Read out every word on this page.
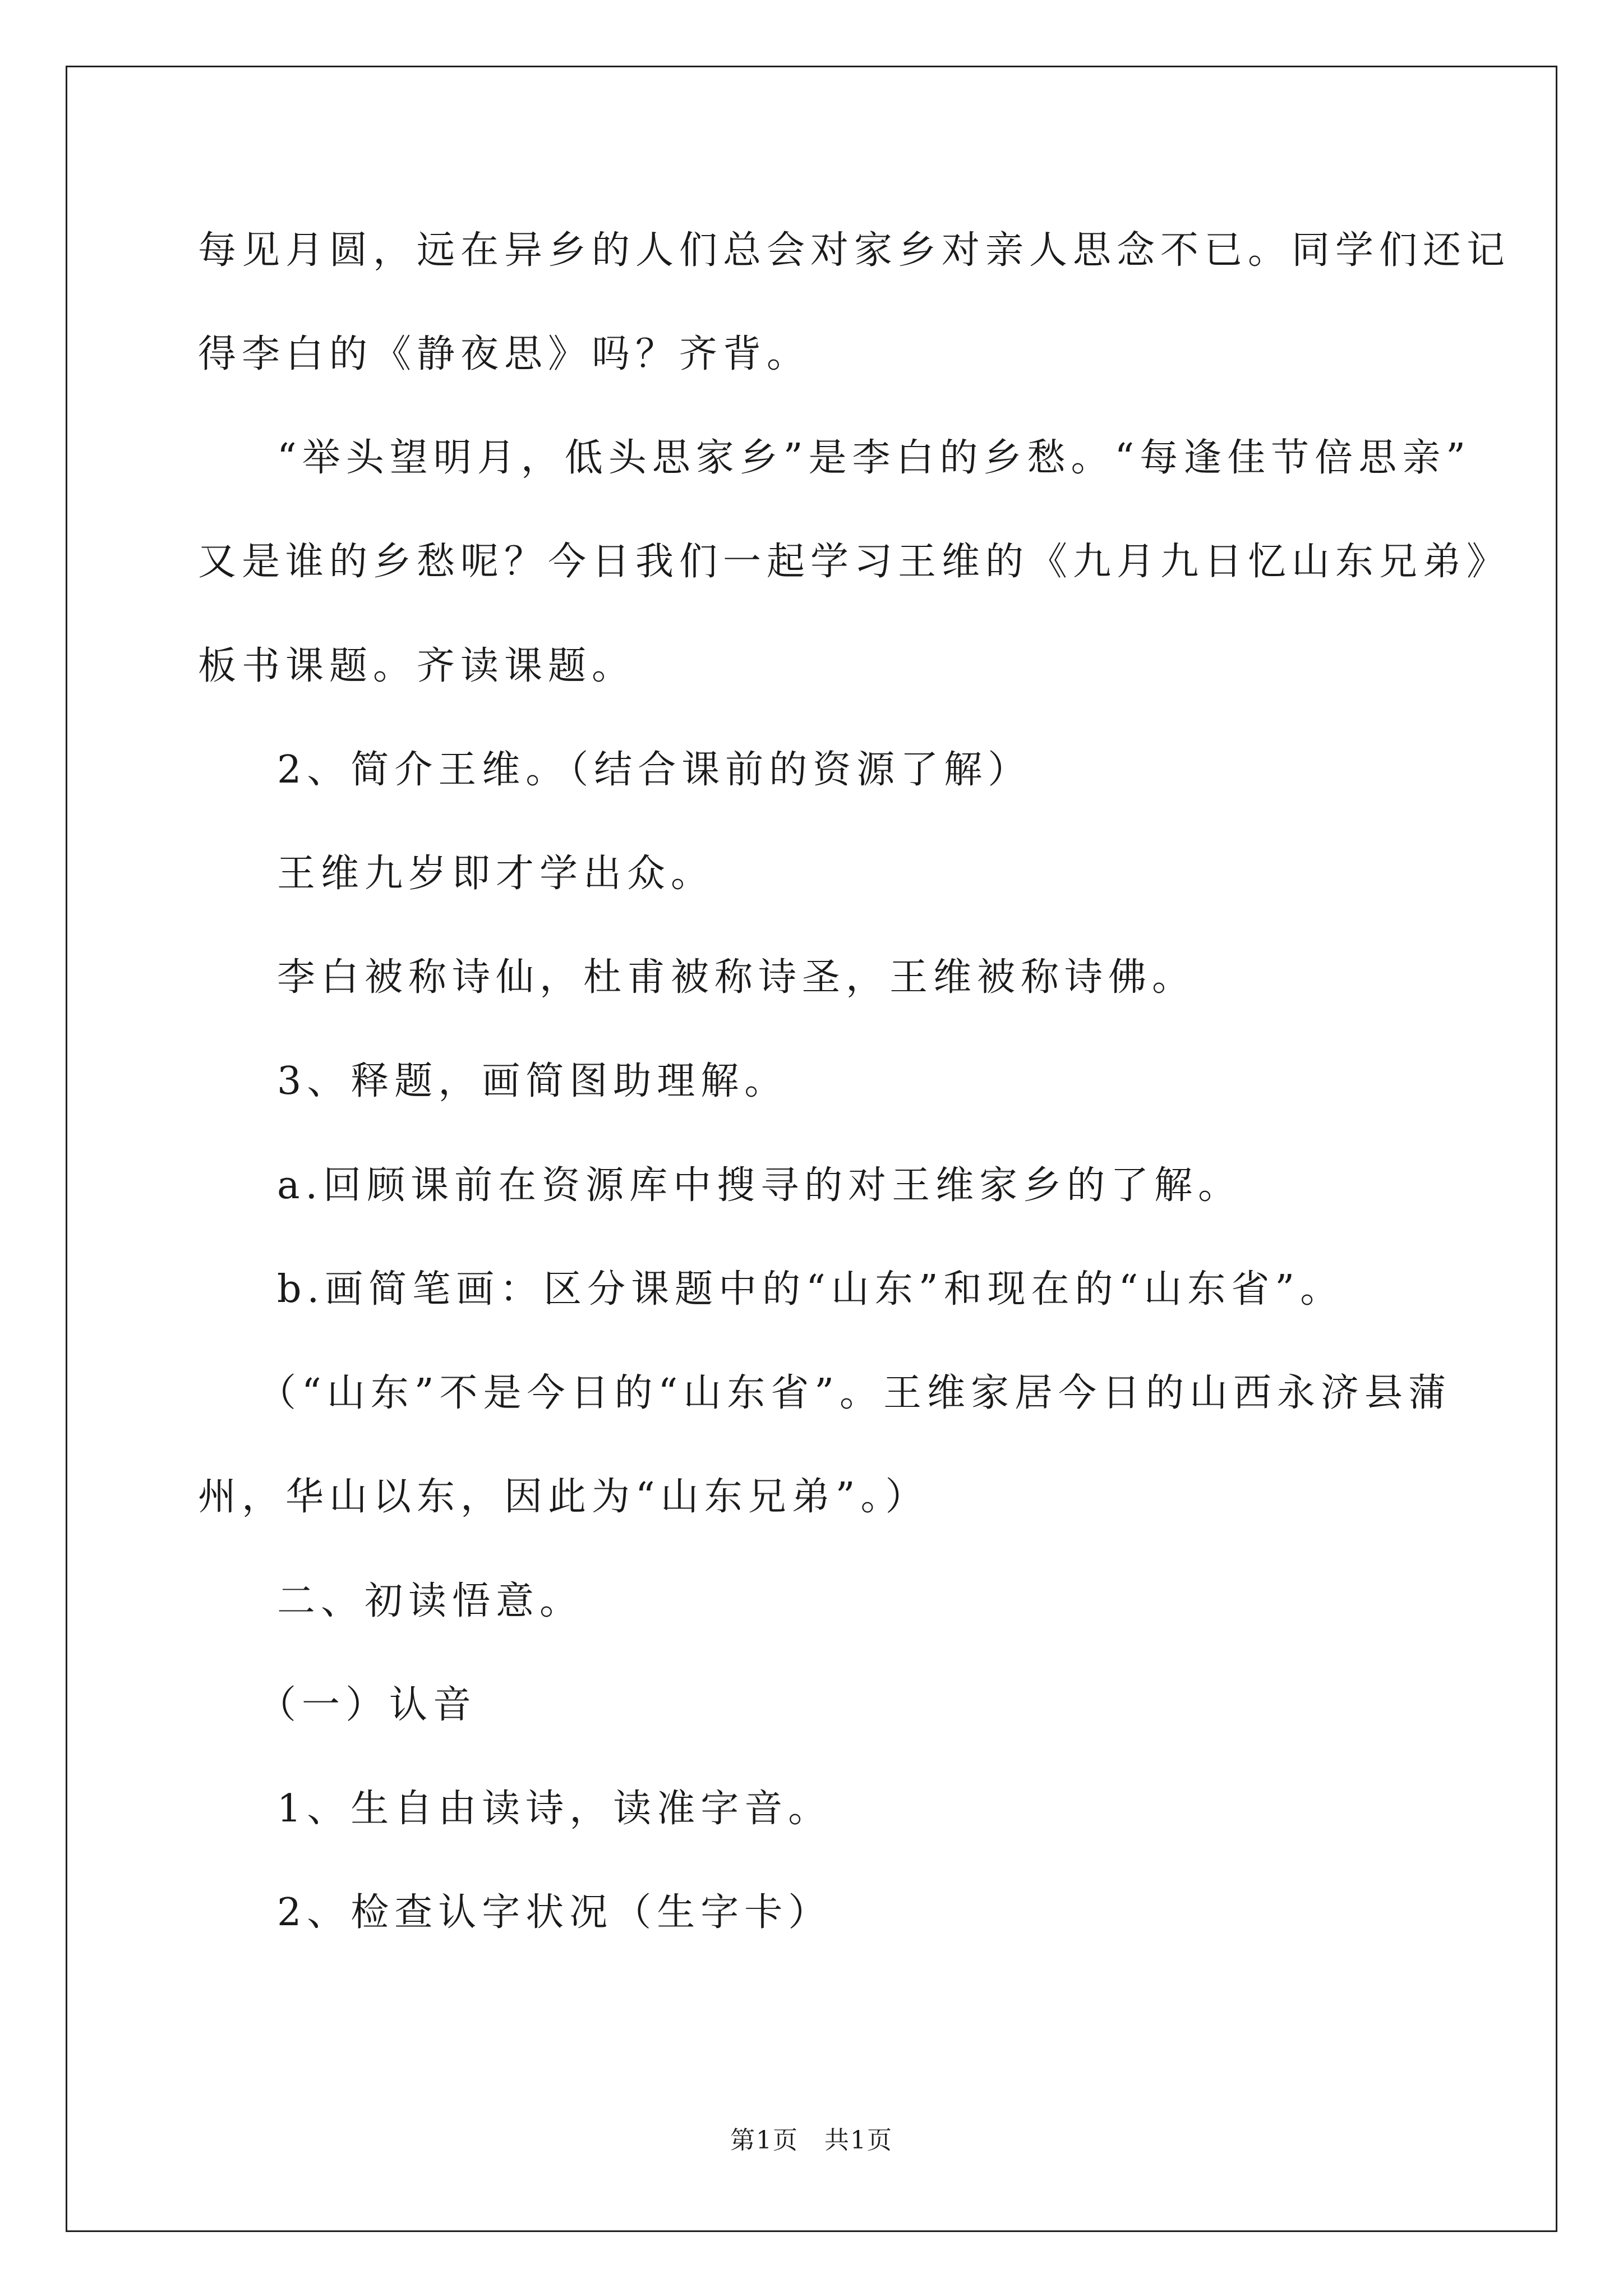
每见月圆，远在异乡的人们总会对家乡对亲人思念不已。同学们还记
得李白的《静夜思》吗？齐背。
“举头望明月，低头思家乡”是李白的乡愁。“每逢佳节倍思亲”
又是谁的乡愁呢？今日我们一起学习王维的《九月九日忆山东兄弟》
板书课题。齐读课题。
2、简介王维。（结合课前的资源了解）
王维九岁即才学出众。
李白被称诗仙，杜甫被称诗圣，王维被称诗佛。
3、释题，画简图助理解。
a.回顾课前在资源库中搜寻的对王维家乡的了解。
b.画简笔画：区分课题中的“山东”和现在的“山东省”。
（“山东”不是今日的“山东省”。王维家居今日的山西永济县蒲
州，华山以东，因此为“山东兄弟”。）
二、初读悟意。
（一）认音
1、生自由读诗，读准字音。
2、检查认字状况（生字卡）
第1页　共1页
